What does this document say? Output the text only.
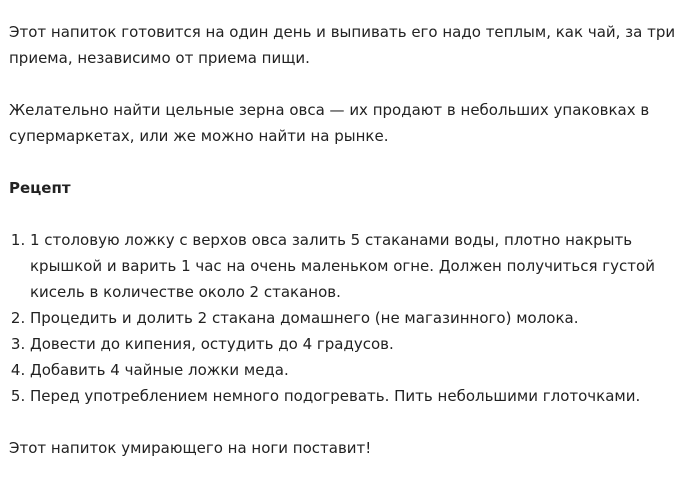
Этот напиток готовится на один день и выпивать его надо теплым, как чай, за три приема, независимо от приема пищи.

Желательно найти цельные зерна овса — их продают в небольших упаковках в супермаркетах, или же можно найти на рынке.

Рецепт

1. 1 столовую ложку с верхов овса залить 5 стаканами воды, плотно накрыть крышкой и варить 1 час на очень маленьком огне. Должен получиться густой кисель в количестве около 2 стаканов.
2. Процедить и долить 2 стакана домашнего (не магазинного) молока.
3. Довести до кипения, остудить до 4 градусов.
4. Добавить 4 чайные ложки меда.
5. Перед употреблением немного подогревать. Пить небольшими глоточками.

Этот напиток умирающего на ноги поставит!
